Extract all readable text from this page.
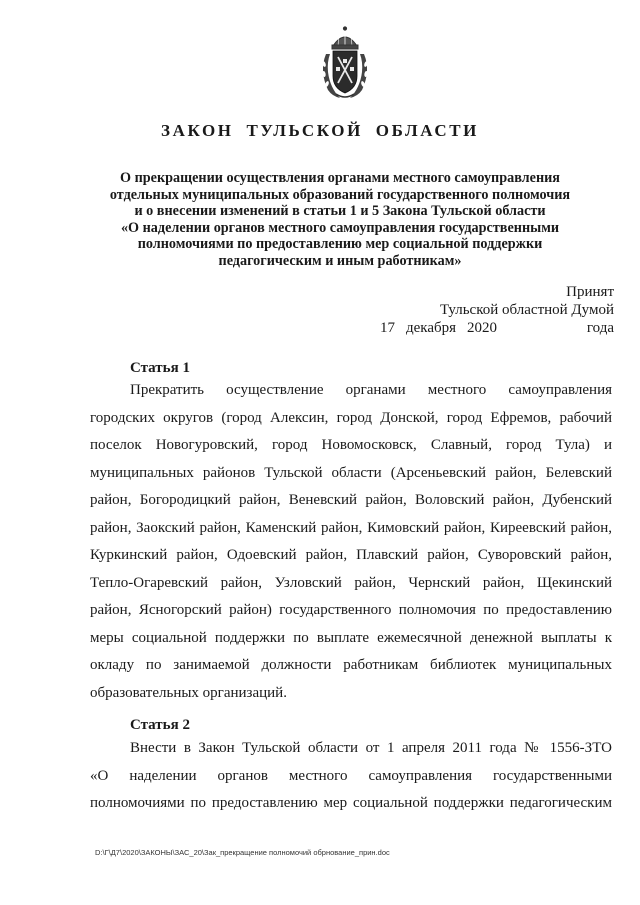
ЗАКОН ТУЛЬСКОЙ ОБЛАСТИ
О прекращении осуществления органами местного самоуправления
отдельных муниципальных образований государственного полномочия
и о внесении изменений в статьи 1 и 5 Закона Тульской области
«О наделении органов местного самоуправления государственными
полномочиями по предоставлению мер социальной поддержки
педагогическим и иным работникам»
Принят
Тульской областной Думой
17 декабря 2020	года
Статья 1
Прекратить осуществление органами местного самоуправления
городских округов (город Алексин, город Донской, город Ефремов, рабочий
поселок Новогуровский, город Новомосковск, Славный, город Тула) и
муниципальных районов Тульской области (Арсеньевский район, Белевский
район, Богородицкий район, Веневский район, Воловский район, Дубенский
район, Заокский район, Каменский район, Кимовский район, Киреевский район,
Куркинский район, Одоевский район, Плавский район, Суворовский район,
Тепло-Огаревский район, Узловский район, Чернский район, Щекинский
район, Ясногорский район) государственного полномочия по предоставлению
меры социальной поддержки по выплате ежемесячной денежной выплаты к
окладу по занимаемой должности работникам библиотек муниципальных
образовательных организаций.
Статья 2
Внести в Закон Тульской области от 1 апреля 2011 года № 1556-ЗТО
«О наделении органов местного самоуправления государственными
полномочиями по предоставлению мер социальной поддержки педагогическим
D:\Г\Д7\2020\ЗАКОНЫ\ЗАС_20\Зак_прекращение полномочий обрнование_прин.doc
